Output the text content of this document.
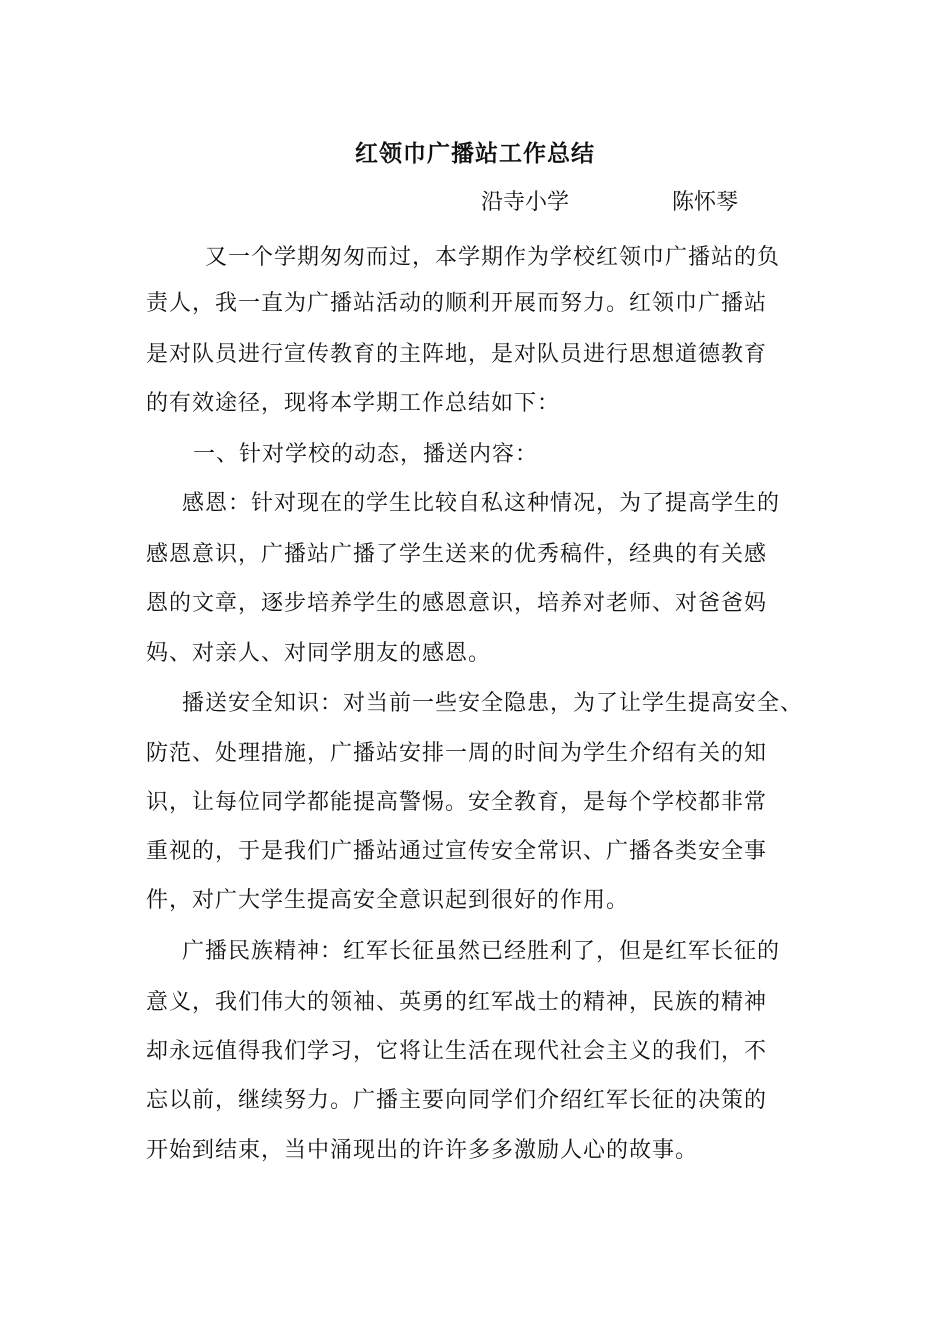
红领巾广播站工作总结
沿寺小学	陈怀琴
又一个学期匆匆而过，本学期作为学校红领巾广播站的负
责人，我一直为广播站活动的顺利开展而努力。红领巾广播站
是对队员进行宣传教育的主阵地，是对队员进行思想道德教育
的有效途径，现将本学期工作总结如下：
一、针对学校的动态，播送内容：
感恩：针对现在的学生比较自私这种情况，为了提高学生的
感恩意识，广播站广播了学生送来的优秀稿件，经典的有关感
恩的文章，逐步培养学生的感恩意识，培养对老师、对爸爸妈
妈、对亲人、对同学朋友的感恩。
播送安全知识：对当前一些安全隐患，为了让学生提高安全、
防范、处理措施，广播站安排一周的时间为学生介绍有关的知
识，让每位同学都能提高警惕。安全教育，是每个学校都非常
重视的，于是我们广播站通过宣传安全常识、广播各类安全事
件，对广大学生提高安全意识起到很好的作用。
广播民族精神：红军长征虽然已经胜利了，但是红军长征的
意义，我们伟大的领袖、英勇的红军战士的精神，民族的精神
却永远值得我们学习，它将让生活在现代社会主义的我们，不
忘以前，继续努力。广播主要向同学们介绍红军长征的决策的
开始到结束，当中涌现出的许许多多激励人心的故事。
